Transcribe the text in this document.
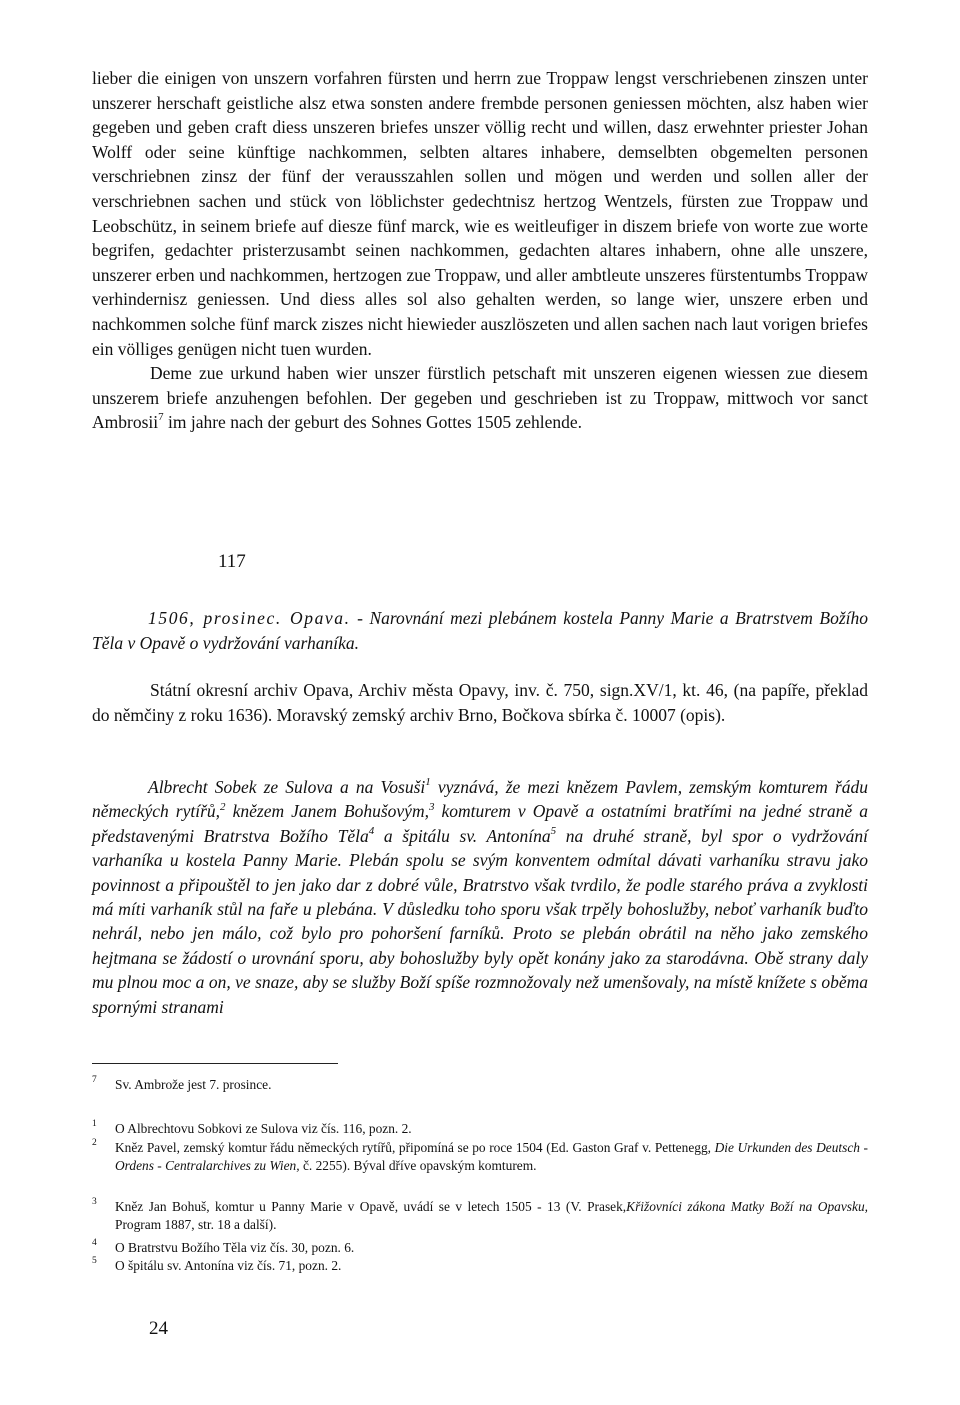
lieber die einigen von unszern vorfahren fürsten und herrn zue Troppaw lengst verschriebenen zinszen unter unszerer herschaft geistliche alsz etwa sonsten andere frembde personen geniessen möchten, alsz haben wier gegeben und geben craft diess unszeren briefes unszer völlig recht und willen, dasz erwehnter priester Johan Wolff oder seine künftige nachkommen, selbten altares inhabere, demselbten obgemelten personen verschriebnen zinsz der fünf der verausszahlen sollen und mögen und werden und sollen aller der verschriebnen sachen und stück von löblichster gedechtnisz hertzog Wentzels, fürsten zue Troppaw und Leobschütz, in seinem briefe auf diesze fünf marck, wie es weitleufiger in diszem briefe von worte zue worte begrifen, gedachter pristerzusambt seinen nachkommen, gedachten altares inhabern, ohne alle unszere, unszerer erben und nachkommen, hertzogen zue Troppaw, und aller ambtleute unszeres fürstentumbs Troppaw verhindernisz geniessen. Und diess alles sol also gehalten werden, so lange wier, unszere erben und nachkommen solche fünf marck ziszes nicht hiewieder auszlöszeten und allen sachen nach laut vorigen briefes ein völliges genügen nicht tuen wurden.

Deme zue urkund haben wier unszer fürstlich petschaft mit unszeren eigenen wiessen zue diesem unszerem briefe anzuhengen befohlen. Der gegeben und geschrieben ist zu Troppaw, mittwoch vor sanct Ambrosii$^7$ im jahre nach der geburt des Sohnes Gottes 1505 zehlende.

117
1506, prosinec. Opava. - Narovnání mezi plebánem kostela Panny Marie a Bratrstvem Božího Těla v Opavě o vydržování varhaníka.
Státní okresní archiv Opava, Archiv města Opavy, inv. č. 750, sign.XV/1, kt. 46, (na papíře, překlad do němčiny z roku 1636). Moravský zemský archiv Brno, Bočkova sbírka č. 10007 (opis).
Albrecht Sobek ze Sulova a na Vosuši$^1$ vyznává, že mezi knězem Pavlem, zemským komturem řádu německých rytířů,$^2$ knězem Janem Bohušovým,$^3$ komturem v Opavě a ostatními bratřími na jedné straně a představenými Bratrstva Božího Těla$^4$ a špitálu sv. Antonína$^5$ na druhé straně, byl spor o vydržování varhaníka u kostela Panny Marie. Plebán spolu se svým konventem odmítal dávati varhaníku stravu jako povinnost a připouštěl to jen jako dar z dobré vůle, Bratrstvo však tvrdilo, že podle starého práva a zvyklosti má míti varhaník stůl na faře u plebána. V důsledku toho sporu však trpěly bohoslužby, neboť varhaník buďto nehrál, nebo jen málo, což bylo pro pohoršení farníků. Proto se plebán obrátil na něho jako zemského hejtmana se žádostí o urovnání sporu, aby bohoslužby byly opět konány jako za starodávna. Obě strany daly mu plnou moc a on, ve snaze, aby se služby Boží spíše rozmnožovaly než umenšovaly, na místě knížete s oběma spornými stranami
7 Sv. Ambrože jest 7. prosince.
1 O Albrechtovu Sobkovi ze Sulova viz čís. 116, pozn. 2.
2 Kněz Pavel, zemský komtur řádu německých rytířů, připomíná se po roce 1504 (Ed. Gaston Graf v. Pettenegg, Die Urkunden des Deutsch - Ordens - Centralarchives zu Wien, č. 2255). Býval dříve opavským komturem.
3 Kněz Jan Bohuš, komtur u Panny Marie v Opavě, uvádí se v letech 1505 - 13 (V. Prasek,Křižovníci zákona Matky Boží na Opavsku, Program 1887, str. 18 a další).
4 O Bratrstvu Božího Těla viz čís. 30, pozn. 6.
5 O špitálu sv. Antonína viz čís. 71, pozn. 2.
24
